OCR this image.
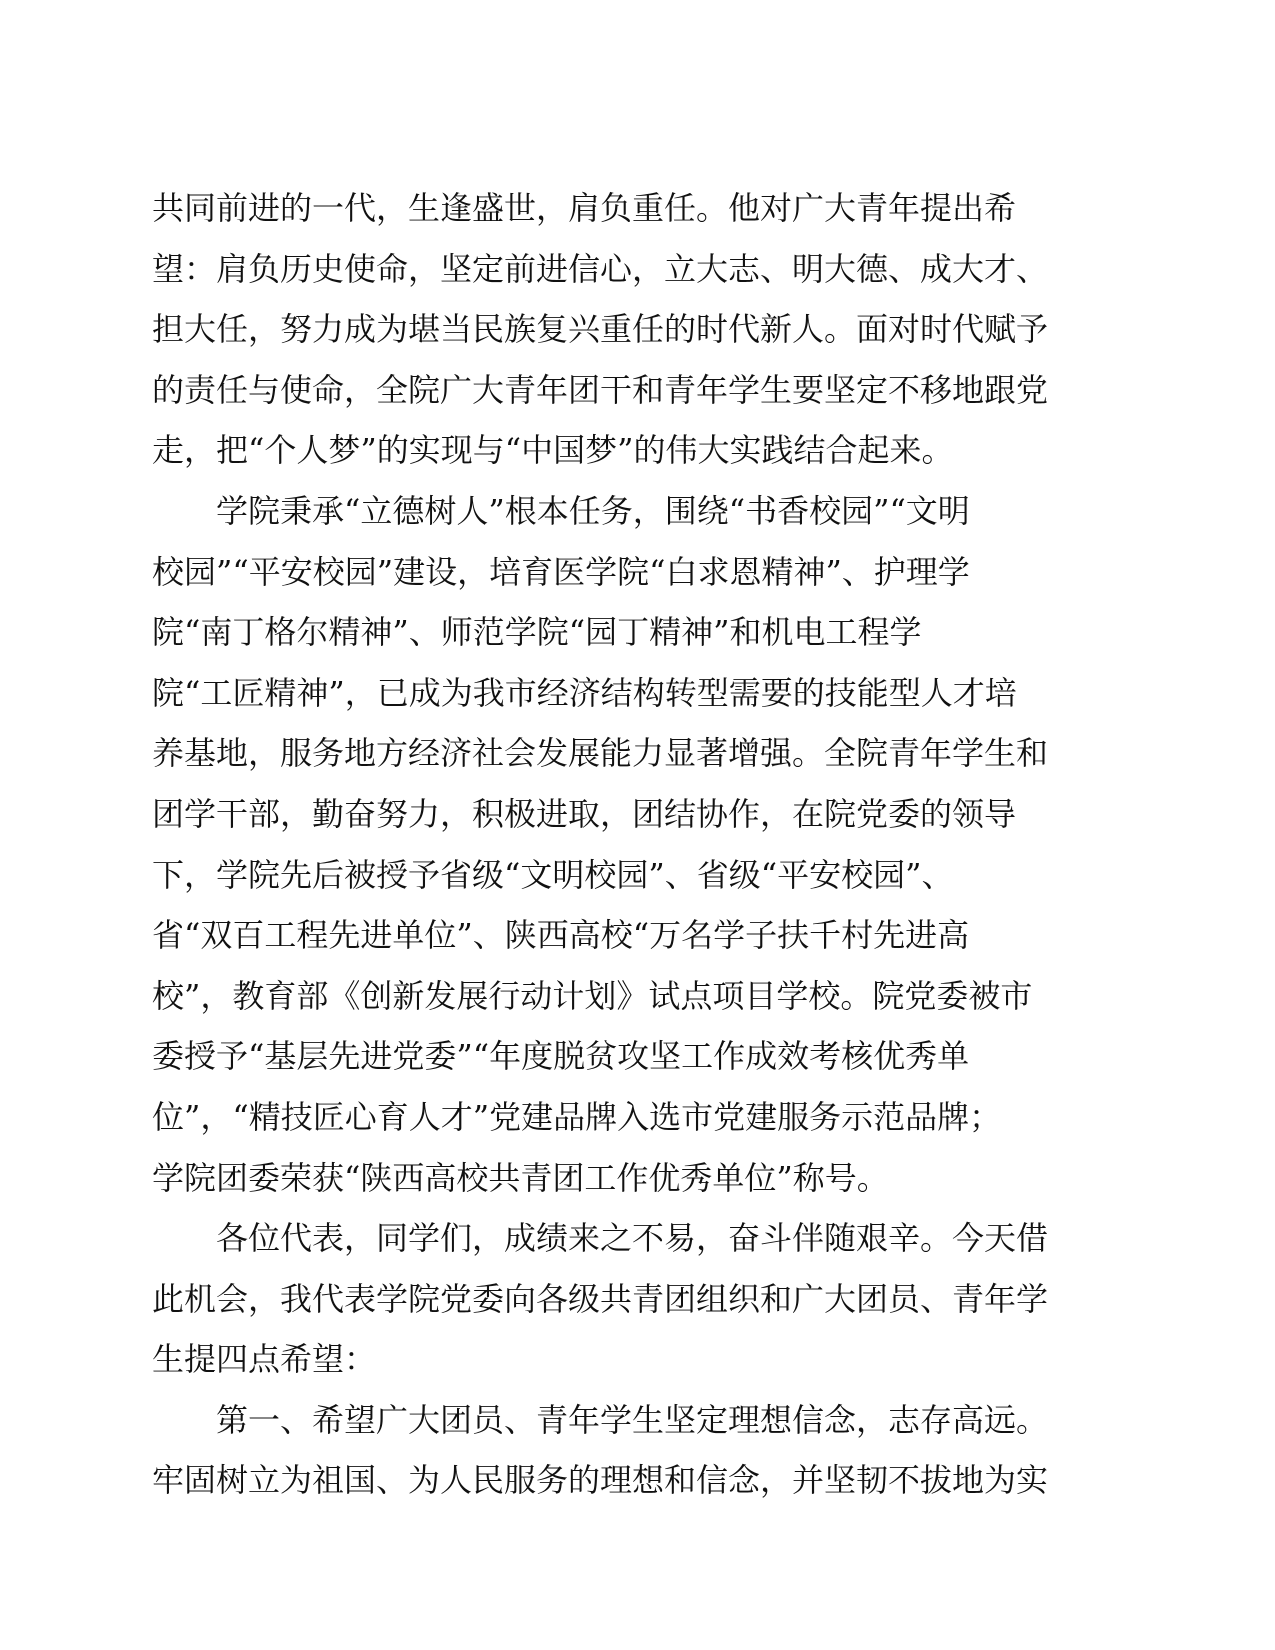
共同前进的一代，生逢盛世，肩负重任。他对广大青年提出希
望：肩负历史使命，坚定前进信心，立大志、明大德、成大才、
担大任，努力成为堪当民族复兴重任的时代新人。面对时代赋予
的责任与使命，全院广大青年团干和青年学生要坚定不移地跟党
走，把“个人梦”的实现与“中国梦”的伟大实践结合起来。
　　学院秉承“立德树人”根本任务，围绕“书香校园”“文明
校园”“平安校园”建设，培育医学院“白求恩精神”、护理学
院“南丁格尔精神”、师范学院“园丁精神”和机电工程学
院“工匠精神”，已成为我市经济结构转型需要的技能型人才培
养基地，服务地方经济社会发展能力显著增强。全院青年学生和
团学干部，勤奋努力，积极进取，团结协作，在院党委的领导
下，学院先后被授予省级“文明校园”、省级“平安校园”、
省“双百工程先进单位”、陕西高校“万名学子扶千村先进高
校”，教育部《创新发展行动计划》试点项目学校。院党委被市
委授予“基层先进党委”“年度脱贫攻坚工作成效考核优秀单
位”，“精技匠心育人才”党建品牌入选市党建服务示范品牌；
学院团委荣获“陕西高校共青团工作优秀单位”称号。
　　各位代表，同学们，成绩来之不易，奋斗伴随艰辛。今天借
此机会，我代表学院党委向各级共青团组织和广大团员、青年学
生提四点希望：
　　第一、希望广大团员、青年学生坚定理想信念，志存高远。
牢固树立为祖国、为人民服务的理想和信念，并坚韧不拔地为实
